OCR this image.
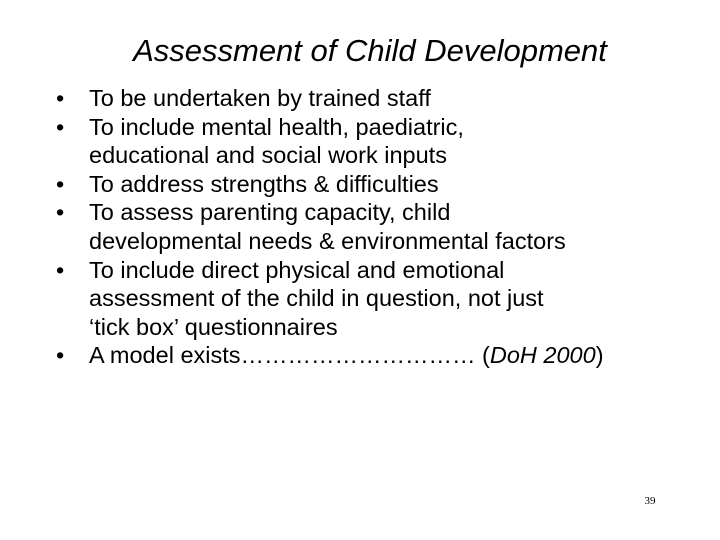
Assessment of Child Development
•	To be undertaken by trained staff
•	To include mental health, paediatric,
educational and social work inputs
•	To address strengths & difficulties
•	To assess parenting capacity, child
developmental needs & environmental factors
•	To include direct physical and emotional
assessment of the child in question, not just
‘tick box’ questionnaires
•	A model exists………………………… (DoH 2000)
39
